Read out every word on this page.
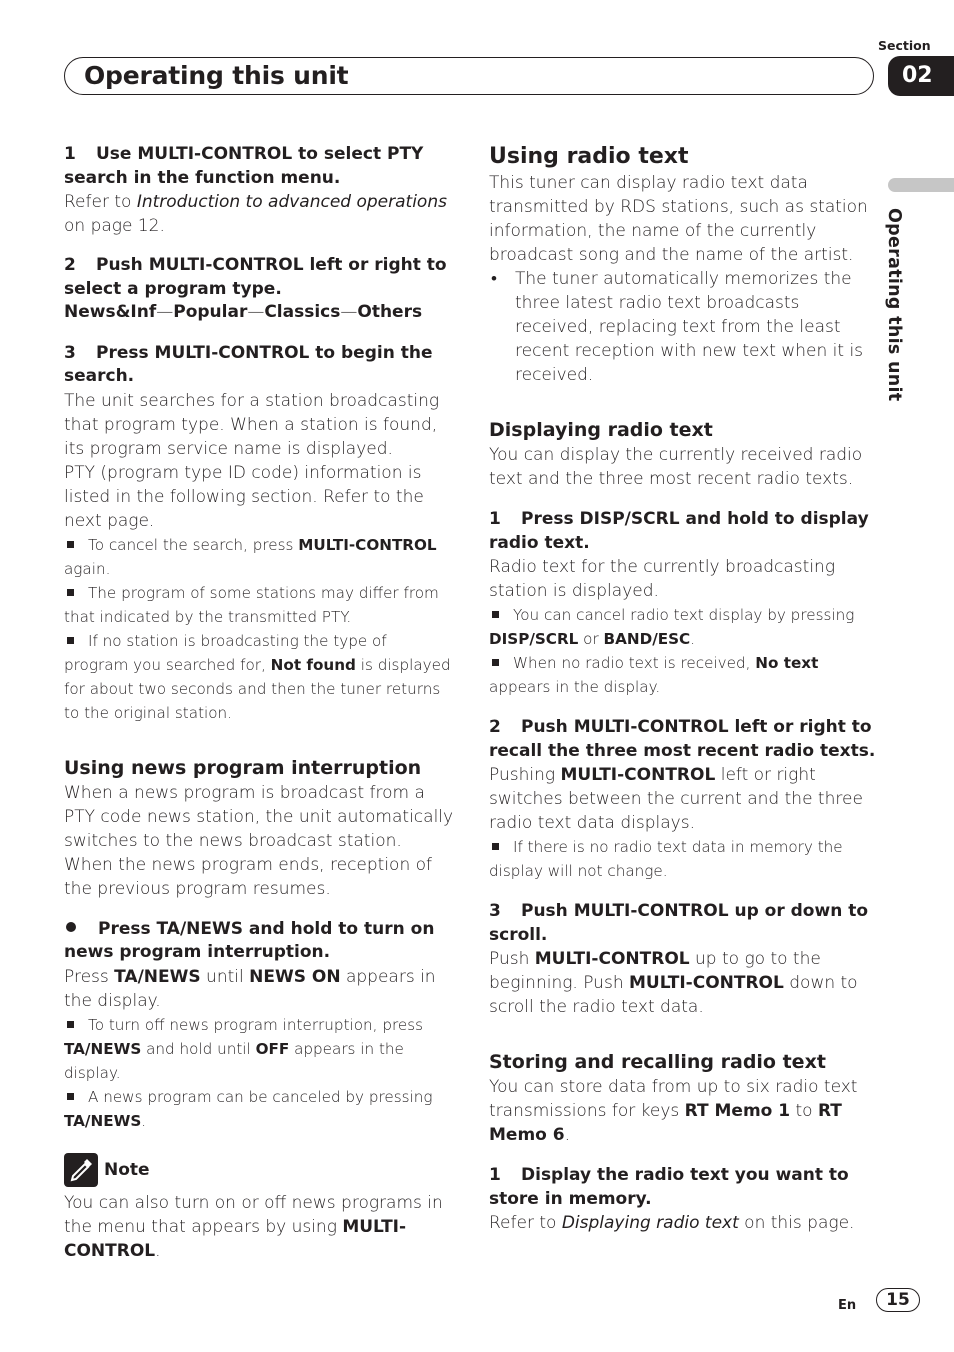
Section
Operating this unit	02
Operating this unit

1 Use MULTI-CONTROL to select PTY search in the function menu.

Refer to Introduction to advanced operations on page 12.

2 Push MULTI-CONTROL left or right to select a program type.

News&Inf—Popular—Classics—Others

3 Press MULTI-CONTROL to begin the search.

The unit searches for a station broadcasting that program type. When a station is found, its program service name is displayed.

PTY (program type ID code) information is listed in the following section. Refer to the next page.

To cancel the search, press MULTI-CONTROL again.

The program of some stations may differ from that indicated by the transmitted PTY.

If no station is broadcasting the type of program you searched for, Not found is displayed for about two seconds and then the tuner returns to the original station.

Using news program interruption

When a news program is broadcast from a PTY code news station, the unit automatically switches to the news broadcast station. When the news program ends, reception of the previous program resumes.

Press TA/NEWS and hold to turn on news program interruption.

Press TA/NEWS until NEWS ON appears in the display.

To turn off news program interruption, press TA/NEWS and hold until OFF appears in the display.

A news program can be canceled by pressing TA/NEWS.

Note

You can also turn on or off news programs in the menu that appears by using MULTI-CONTROL.

Using radio text

This tuner can display radio text data transmitted by RDS stations, such as station information, the name of the currently broadcast song and the name of the artist.

• The tuner automatically memorizes the three latest radio text broadcasts received, replacing text from the least recent reception with new text when it is received.

Displaying radio text

You can display the currently received radio text and the three most recent radio texts.

1 Press DISP/SCRL and hold to display radio text.

Radio text for the currently broadcasting station is displayed.

You can cancel radio text display by pressing DISP/SCRL or BAND/ESC.

When no radio text is received, No text appears in the display.

2 Push MULTI-CONTROL left or right to recall the three most recent radio texts.

Pushing MULTI-CONTROL left or right switches between the current and the three radio text data displays.

If there is no radio text data in memory the display will not change.

3 Push MULTI-CONTROL up or down to scroll.

Push MULTI-CONTROL up to go to the beginning. Push MULTI-CONTROL down to scroll the radio text data.

Storing and recalling radio text

You can store data from up to six radio text transmissions for keys RT Memo 1 to RT Memo 6.

1 Display the radio text you want to store in memory.

Refer to Displaying radio text on this page.

En	15
